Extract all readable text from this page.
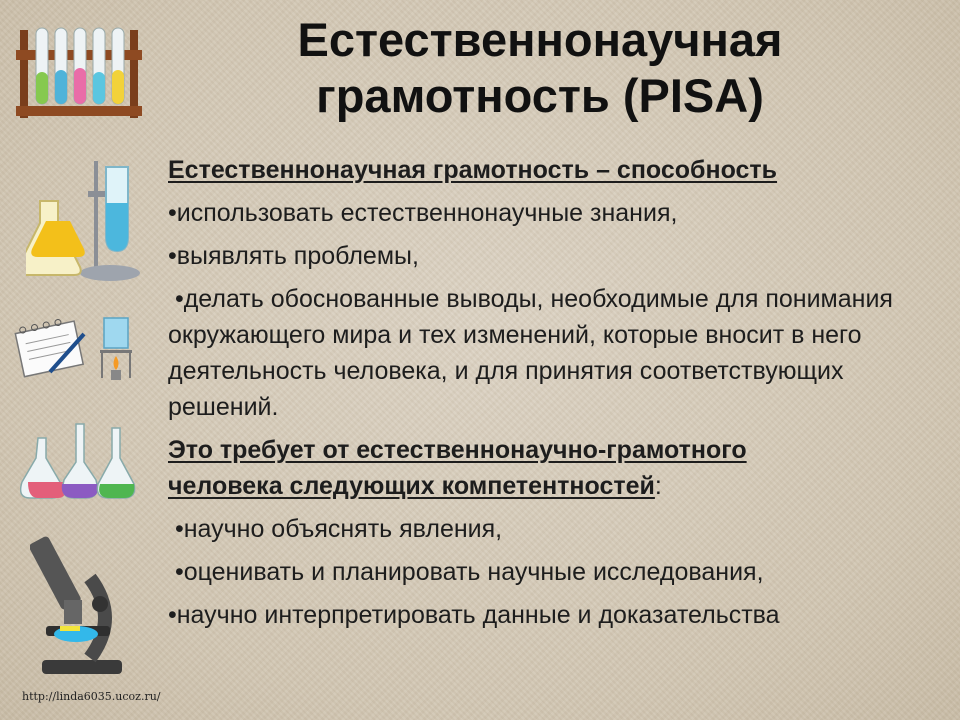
Естественнонаучная
грамотность (PISA)
http://linda6035.ucoz.ru/

Естественнонаучная грамотность – способность

•использовать естественнонаучные знания,

•выявлять проблемы,

•делать обоснованные выводы, необходимые для понимания окружающего мира и тех изменений, которые вносит в него деятельность человека, и для принятия соответствующих решений.

Это требует от естественнонаучно-грамотного
человека следующих компетентностей:

•научно объяснять явления,

•оценивать и планировать научные исследования,

•научно интерпретировать данные и доказательства
